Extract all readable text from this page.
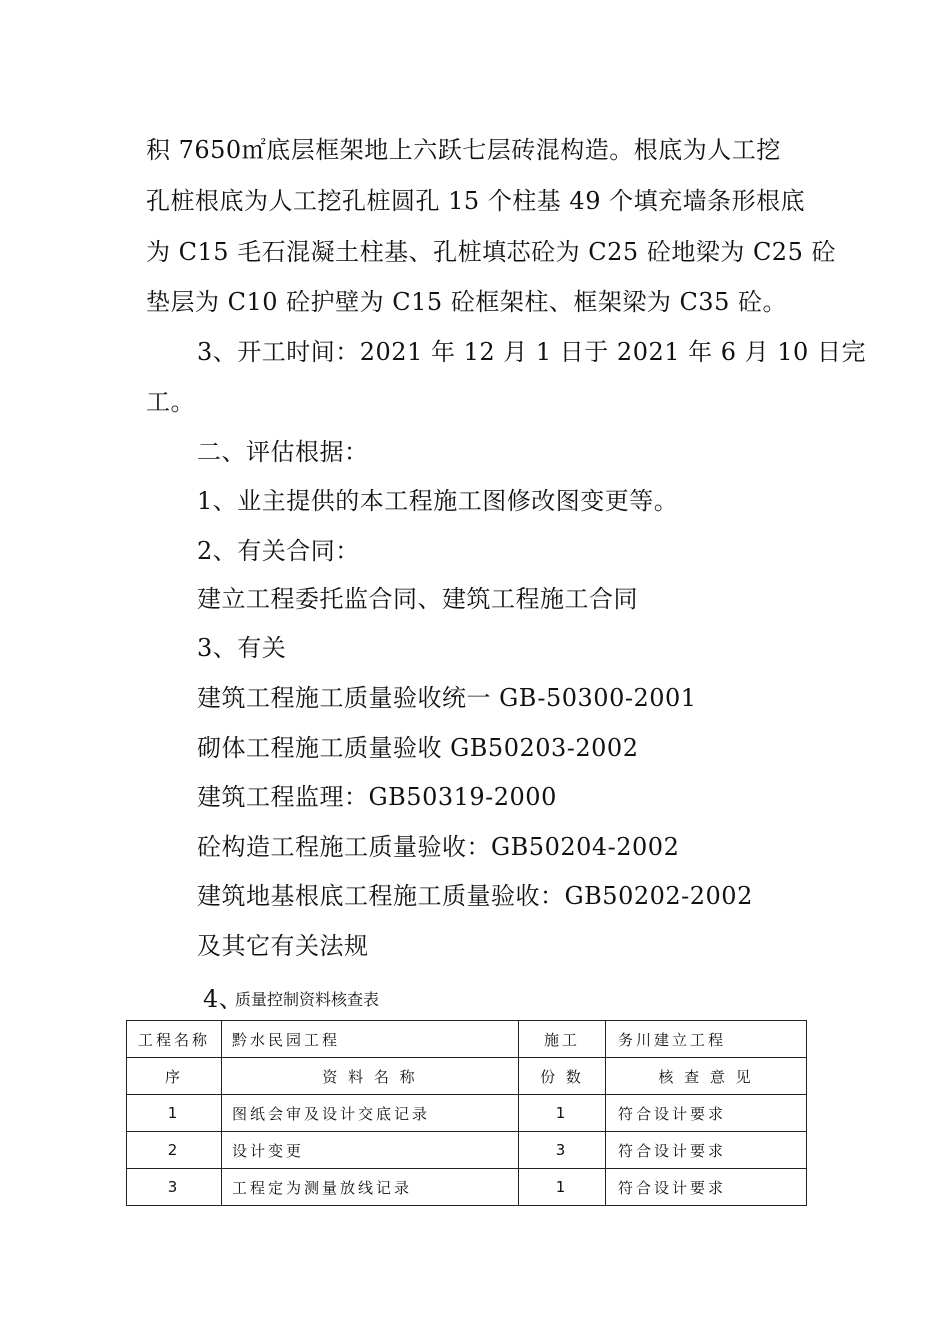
积 7650㎡底层框架地上六跃七层砖混构造。根底为人工挖
孔桩根底为人工挖孔桩圆孔 15 个柱基 49 个填充墙条形根底
为 C15 毛石混凝土柱基、孔桩填芯砼为 C25 砼地梁为 C25 砼
垫层为 C10 砼护壁为 C15 砼框架柱、框架梁为 C35 砼。
3、开工时间：2021 年 12 月 1 日于 2021 年 6 月 10 日完
工。
二、评估根据：
1、业主提供的本工程施工图修改图变更等。
2、有关合同：
建立工程委托监合同、建筑工程施工合同
3、有关
建筑工程施工质量验收统一 GB-50300-2001
砌体工程施工质量验收 GB50203-2002
建筑工程监理：GB50319-2000
砼构造工程施工质量验收：GB50204-2002
建筑地基根底工程施工质量验收：GB50202-2002
及其它有关法规
4、
质量控制资料核查表
工程名称	黔水民园工程	施工	务川建立工程
序	资 料 名 称	份 数	核 查 意 见
1	图纸会审及设计交底记录	1	符合设计要求
2	设计变更	3	符合设计要求
3	工程定为测量放线记录	1	符合设计要求
